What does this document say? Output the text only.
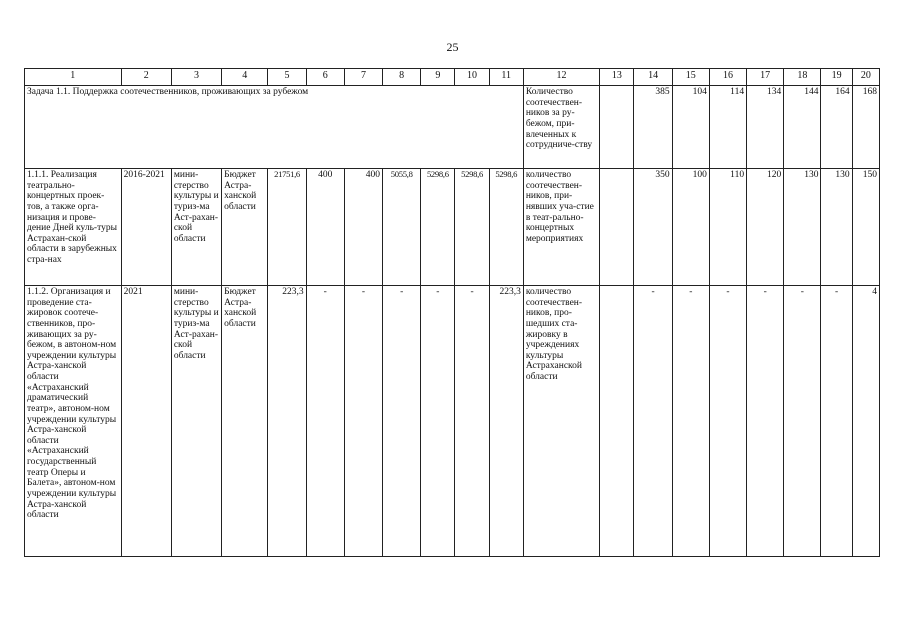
25
1	2	3	4	5	6	7	8	9	10	11	12	13	14	15	16	17	18	19	20
Задача 1.1. Поддержка соотечественников, проживающих за рубежом											Количество соотечествен-ников за ру-бежом, при-влеченных к сотрудниче-ству		385	104	114	134	144	164	168
1.1.1. Реализация театрально-концертных проек-тов, а также орга-низация и прове-дение Дней куль-туры Астрахан-ской области в зарубежных стра-нах	2016-2021	мини-стерство культуры и туриз-ма Аст-рахан-ской области	Бюджет Астра-ханской области	21751,6	400	400	5055,8	5298,6	5298,6	5298,6	количество соотечествен-ников, при-нявших уча-стие в теат-рально-концертных мероприятиях		350	100	110	120	130	130	150
1.1.2. Организация и проведение ста-жировок соотече-ственников, про-живающих за ру-бежом, в автоном-ном учреждении культуры Астра-ханской области «Астраханский драматический театр», автоном-ном учреждении культуры Астра-ханской области «Астраханский государственный театр Оперы и Балета», автоном-ном учреждении культуры Астра-ханской области	2021	мини-стерство культуры и туриз-ма Аст-рахан-ской области	Бюджет Астра-ханской области	223,3	-	-	-	-	-	223,3	количество соотечествен-ников, про-шедших ста-жировку в учреждениях культуры Астраханской области		-	-	-	-	-	-	4
